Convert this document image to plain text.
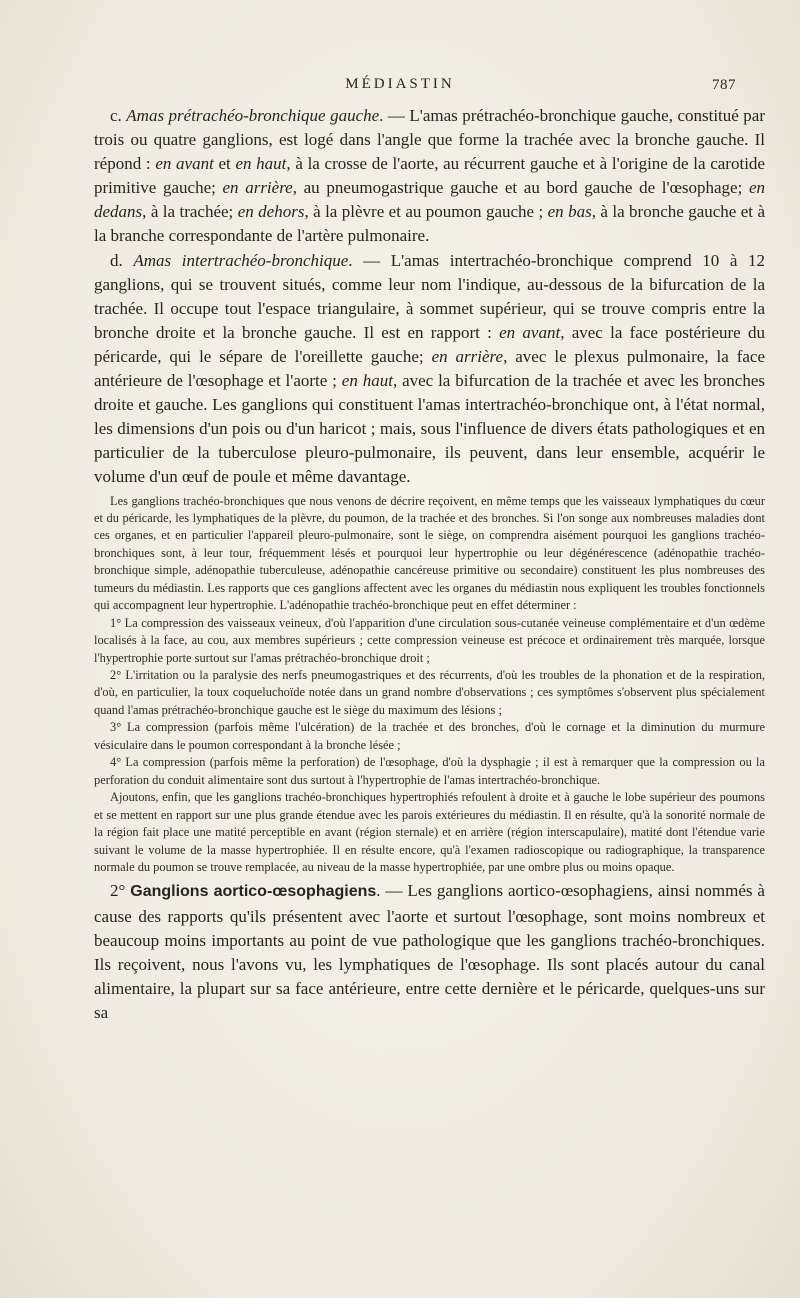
MÉDIASTIN	787

c. Amas prétrachéo-bronchique gauche. — L'amas prétrachéo-bronchique gauche, constitué par trois ou quatre ganglions, est logé dans l'angle que forme la trachée avec la bronche gauche. Il répond : en avant et en haut, à la crosse de l'aorte, au récurrent gauche et à l'origine de la carotide primitive gauche; en arrière, au pneumogastrique gauche et au bord gauche de l'œsophage; en dedans, à la trachée; en dehors, à la plèvre et au poumon gauche ; en bas, à la bronche gauche et à la branche correspondante de l'artère pulmonaire.

d. Amas intertrachéo-bronchique. — L'amas intertrachéo-bronchique comprend 10 à 12 ganglions, qui se trouvent situés, comme leur nom l'indique, au-dessous de la bifurcation de la trachée. Il occupe tout l'espace triangulaire, à sommet supérieur, qui se trouve compris entre la bronche droite et la bronche gauche. Il est en rapport : en avant, avec la face postérieure du péricarde, qui le sépare de l'oreillette gauche; en arrière, avec le plexus pulmonaire, la face antérieure de l'œsophage et l'aorte ; en haut, avec la bifurcation de la trachée et avec les bronches droite et gauche. Les ganglions qui constituent l'amas intertrachéo-bronchique ont, à l'état normal, les dimensions d'un pois ou d'un haricot ; mais, sous l'influence de divers états pathologiques et en particulier de la tuberculose pleuro-pulmonaire, ils peuvent, dans leur ensemble, acquérir le volume d'un œuf de poule et même davantage.

Les ganglions trachéo-bronchiques que nous venons de décrire reçoivent, en même temps que les vaisseaux lymphatiques du cœur et du péricarde, les lymphatiques de la plèvre, du poumon, de la trachée et des bronches. Si l'on songe aux nombreuses maladies dont ces organes, et en particulier l'appareil pleuro-pulmonaire, sont le siège, on comprendra aisément pourquoi les ganglions trachéo-bronchiques sont, à leur tour, fréquemment lésés et pourquoi leur hypertrophie ou leur dégénérescence (adénopathie trachéo-bronchique simple, adénopathie tuberculeuse, adénopathie cancéreuse primitive ou secondaire) constituent les plus nombreuses des tumeurs du médiastin. Les rapports que ces ganglions affectent avec les organes du médiastin nous expliquent les troubles fonctionnels qui accompagnent leur hypertrophie. L'adénopathie trachéo-bronchique peut en effet déterminer :

1° La compression des vaisseaux veineux, d'où l'apparition d'une circulation sous-cutanée veineuse complémentaire et d'un œdème localisés à la face, au cou, aux membres supérieurs ; cette compression veineuse est précoce et ordinairement très marquée, lorsque l'hypertrophie porte surtout sur l'amas prétrachéo-bronchique droit ;

2° L'irritation ou la paralysie des nerfs pneumogastriques et des récurrents, d'où les troubles de la phonation et de la respiration, d'où, en particulier, la toux coqueluchoïde notée dans un grand nombre d'observations ; ces symptômes s'observent plus spécialement quand l'amas prétrachéo-bronchique gauche est le siège du maximum des lésions ;

3° La compression (parfois même l'ulcération) de la trachée et des bronches, d'où le cornage et la diminution du murmure vésiculaire dans le poumon correspondant à la bronche lésée ;

4° La compression (parfois même la perforation) de l'œsophage, d'où la dysphagie ; il est à remarquer que la compression ou la perforation du conduit alimentaire sont dus surtout à l'hypertrophie de l'amas intertrachéo-bronchique.

Ajoutons, enfin, que les ganglions trachéo-bronchiques hypertrophiés refoulent à droite et à gauche le lobe supérieur des poumons et se mettent en rapport sur une plus grande étendue avec les parois extérieures du médiastin. Il en résulte, qu'à la sonorité normale de la région fait place une matité perceptible en avant (région sternale) et en arrière (région interscapulaire), matité dont l'étendue varie suivant le volume de la masse hypertrophiée. Il en résulte encore, qu'à l'examen radioscopique ou radiographique, la transparence normale du poumon se trouve remplacée, au niveau de la masse hypertrophiée, par une ombre plus ou moins opaque.

2° Ganglions aortico-œsophagiens. — Les ganglions aortico-œsophagiens, ainsi nommés à cause des rapports qu'ils présentent avec l'aorte et surtout l'œsophage, sont moins nombreux et beaucoup moins importants au point de vue pathologique que les ganglions trachéo-bronchiques. Ils reçoivent, nous l'avons vu, les lymphatiques de l'œsophage. Ils sont placés autour du canal alimentaire, la plupart sur sa face antérieure, entre cette dernière et le péricarde, quelques-uns sur sa
